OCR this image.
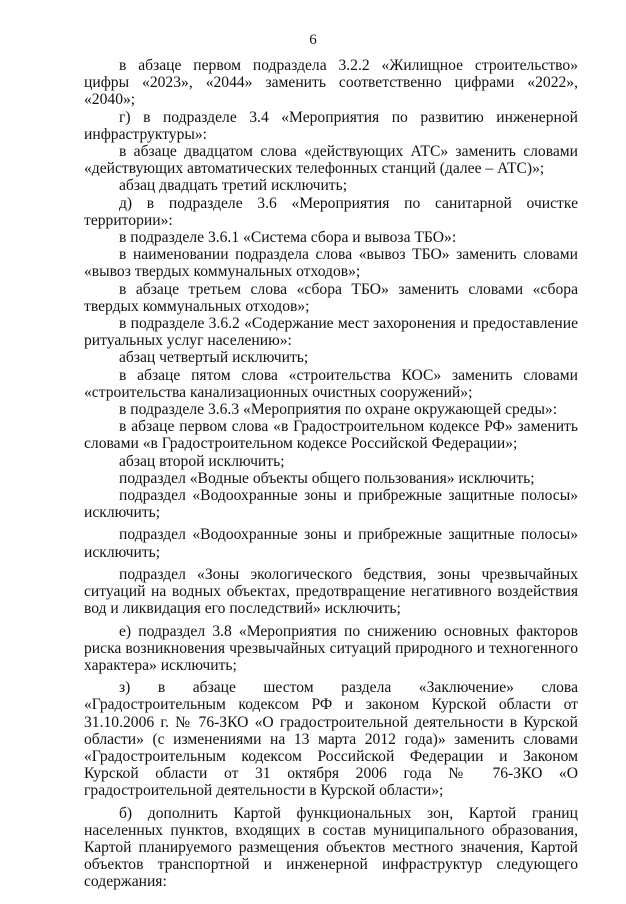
6

в абзаце первом подраздела 3.2.2 «Жилищное строительство» цифры «2023», «2044» заменить соответственно цифрами «2022», «2040»;

г) в подразделе 3.4 «Мероприятия по развитию инженерной инфраструктуры»:

в абзаце двадцатом слова «действующих АТС» заменить словами «действующих автоматических телефонных станций (далее – АТС)»;

абзац двадцать третий исключить;

д) в подразделе 3.6 «Мероприятия по санитарной очистке территории»:

в подразделе 3.6.1 «Система сбора и вывоза ТБО»:

в наименовании подраздела слова «вывоз ТБО» заменить словами «вывоз твердых коммунальных отходов»;

в абзаце третьем слова «сбора ТБО» заменить словами «сбора твердых коммунальных отходов»;

в подразделе 3.6.2 «Содержание мест захоронения и предоставление ритуальных услуг населению»:

абзац четвертый исключить;

в абзаце пятом слова «строительства КОС» заменить словами «строительства канализационных очистных сооружений»;

в подразделе 3.6.3 «Мероприятия по охране окружающей среды»:

в абзаце первом слова «в Градостроительном кодексе РФ» заменить словами «в Градостроительном кодексе Российской Федерации»;

абзац второй исключить;

подраздел «Водные объекты общего пользования» исключить;

подраздел «Водоохранные зоны и прибрежные защитные полосы» исключить;

подраздел «Водоохранные зоны и прибрежные защитные полосы» исключить;

подраздел «Зоны экологического бедствия, зоны чрезвычайных ситуаций на водных объектах, предотвращение негативного воздействия вод и ликвидация его последствий» исключить;

е) подраздел 3.8 «Мероприятия по снижению основных факторов риска возникновения чрезвычайных ситуаций природного и техногенного характера» исключить;

з) в абзаце шестом раздела «Заключение» слова «Градостроительным кодексом РФ и законом Курской области от 31.10.2006 г. № 76-ЗКО «О градостроительной деятельности в Курской области» (с изменениями на 13 марта 2012 года)» заменить словами «Градостроительным кодексом Российской Федерации и Законом Курской области от 31 октября 2006 года № 76-ЗКО «О градостроительной деятельности в Курской области»;

б) дополнить Картой функциональных зон, Картой границ населенных пунктов, входящих в состав муниципального образования, Картой планируемого размещения объектов местного значения, Картой объектов транспортной и инженерной инфраструктур следующего содержания:
